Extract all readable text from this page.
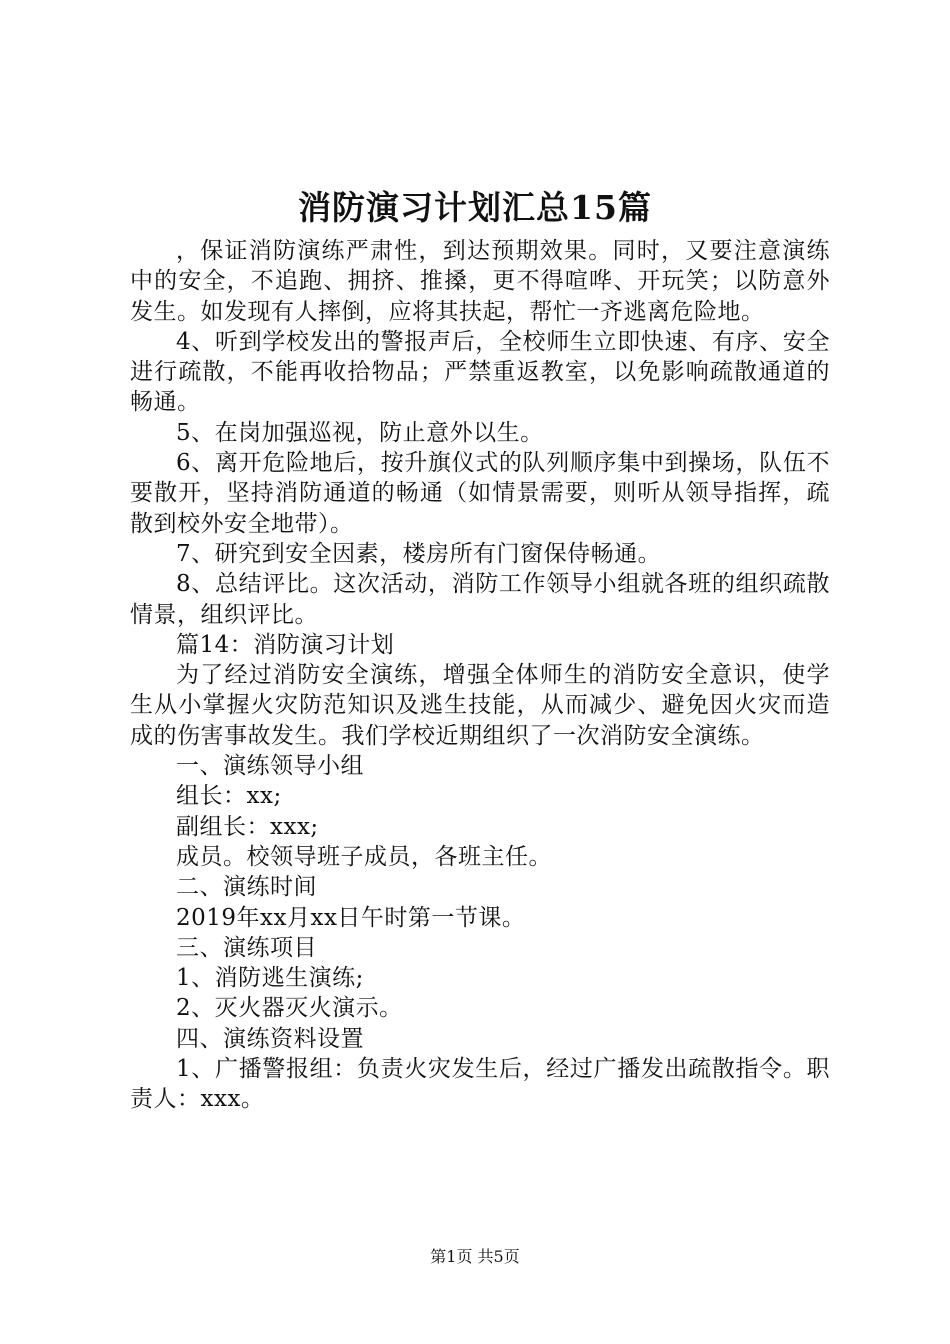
消防演习计划汇总15篇

，保证消防演练严肃性，到达预期效果。同时，又要注意演练中的安全，不追跑、拥挤、推搡，更不得喧哗、开玩笑；以防意外发生。如发现有人摔倒，应将其扶起，帮忙一齐逃离危险地。

4、听到学校发出的警报声后，全校师生立即快速、有序、安全进行疏散，不能再收拾物品；严禁重返教室，以免影响疏散通道的畅通。

5、在岗加强巡视，防止意外以生。

6、离开危险地后，按升旗仪式的队列顺序集中到操场，队伍不要散开，坚持消防通道的畅通（如情景需要，则听从领导指挥，疏散到校外安全地带）。

7、研究到安全因素，楼房所有门窗保侍畅通。

8、总结评比。这次活动，消防工作领导小组就各班的组织疏散情景，组织评比。

篇14：消防演习计划

为了经过消防安全演练，增强全体师生的消防安全意识，使学生从小掌握火灾防范知识及逃生技能，从而减少、避免因火灾而造成的伤害事故发生。我们学校近期组织了一次消防安全演练。

一、演练领导小组

组长：xx;

副组长：xxx;

成员。校领导班子成员，各班主任。

二、演练时间

2019年xx月xx日午时第一节课。

三、演练项目

1、消防逃生演练;

2、灭火器灭火演示。

四、演练资料设置

1、广播警报组：负责火灾发生后，经过广播发出疏散指令。职责人：xxx。

第1页 共5页
